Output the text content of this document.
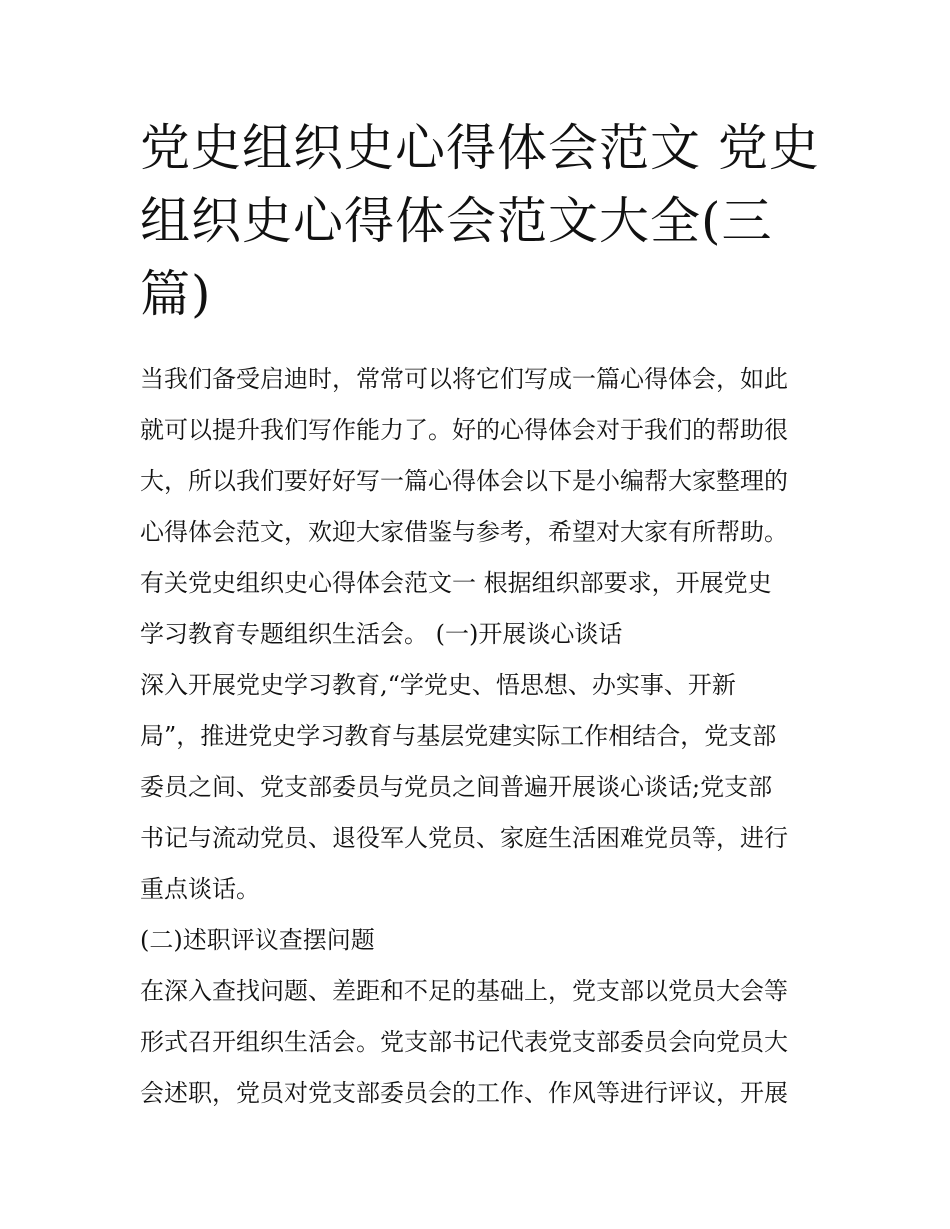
党史组织史心得体会范文 党史
组织史心得体会范文大全(三
篇)
当我们备受启迪时，常常可以将它们写成一篇心得体会，如此
就可以提升我们写作能力了。好的心得体会对于我们的帮助很
大，所以我们要好好写一篇心得体会以下是小编帮大家整理的
心得体会范文，欢迎大家借鉴与参考，希望对大家有所帮助。
有关党史组织史心得体会范文一 根据组织部要求，开展党史
学习教育专题组织生活会。 (一)开展谈心谈话
深入开展党史学习教育,“学党史、悟思想、办实事、开新
局”，推进党史学习教育与基层党建实际工作相结合，党支部
委员之间、党支部委员与党员之间普遍开展谈心谈话;党支部
书记与流动党员、退役军人党员、家庭生活困难党员等，进行
重点谈话。
(二)述职评议查摆问题
在深入查找问题、差距和不足的基础上，党支部以党员大会等
形式召开组织生活会。党支部书记代表党支部委员会向党员大
会述职，党员对党支部委员会的工作、作风等进行评议，开展
